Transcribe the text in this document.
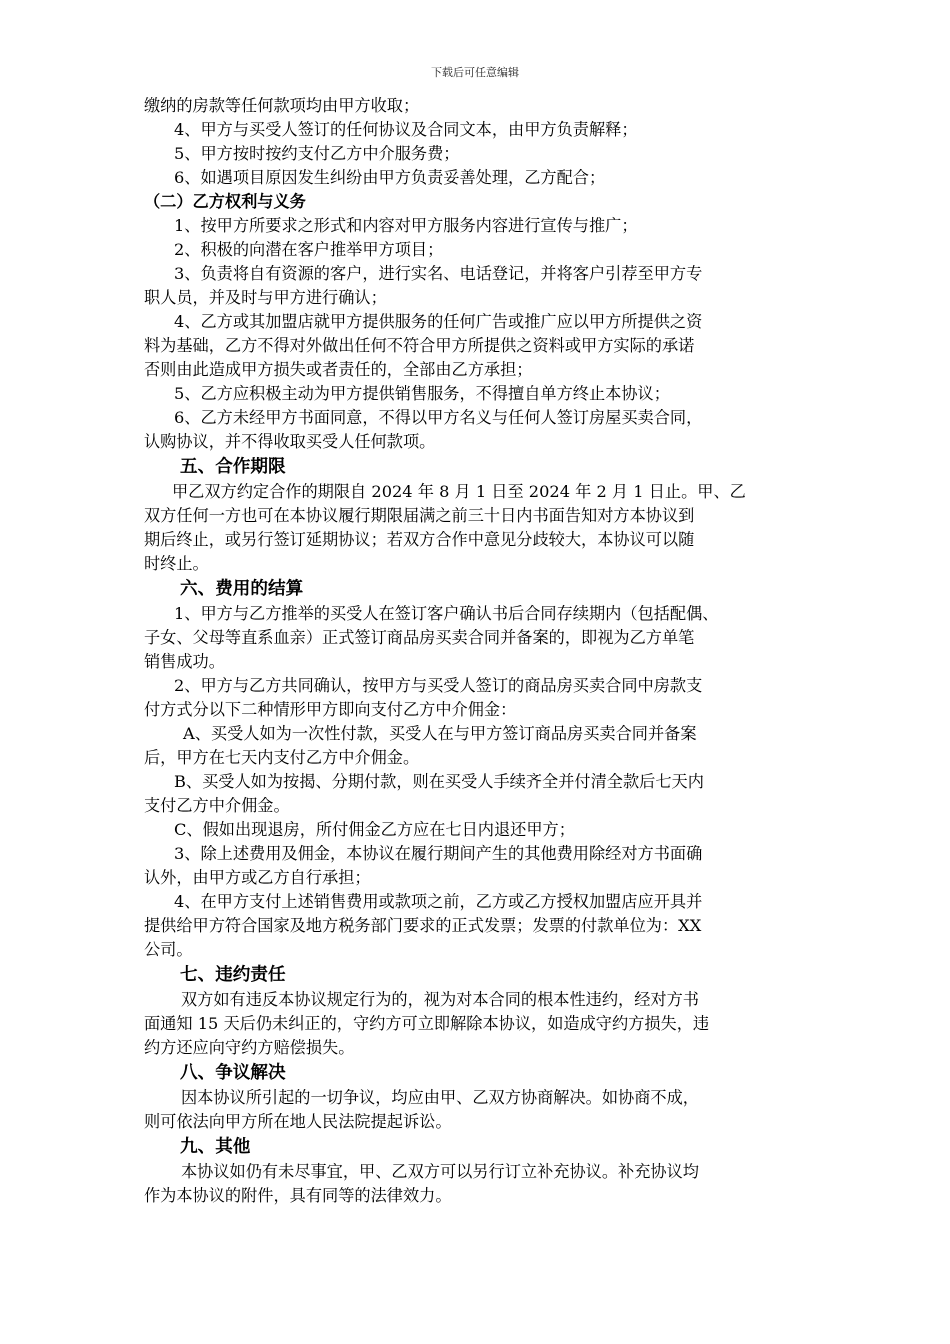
下载后可任意编辑
缴纳的房款等任何款项均由甲方收取；
4、甲方与买受人签订的任何协议及合同文本，由甲方负责解释；
5、甲方按时按约支付乙方中介服务费；
6、如遇项目原因发生纠纷由甲方负责妥善处理，乙方配合；
（二）乙方权利与义务
1、按甲方所要求之形式和内容对甲方服务内容进行宣传与推广；
2、积极的向潜在客户推举甲方项目；
3、负责将自有资源的客户，进行实名、电话登记，并将客户引荐至甲方专
职人员，并及时与甲方进行确认；
4、乙方或其加盟店就甲方提供服务的任何广告或推广应以甲方所提供之资
料为基础，乙方不得对外做出任何不符合甲方所提供之资料或甲方实际的承诺
否则由此造成甲方损失或者责任的，全部由乙方承担；
5、乙方应积极主动为甲方提供销售服务，不得擅自单方终止本协议；
6、乙方未经甲方书面同意，不得以甲方名义与任何人签订房屋买卖合同，
认购协议，并不得收取买受人任何款项。
五、合作期限
甲乙双方约定合作的期限自 2024 年 8 月 1 日至 2024 年 2 月 1 日止。甲、乙
双方任何一方也可在本协议履行期限届满之前三十日内书面告知对方本协议到
期后终止，或另行签订延期协议；若双方合作中意见分歧较大，本协议可以随
时终止。
六、费用的结算
1、甲方与乙方推举的买受人在签订客户确认书后合同存续期内（包括配偶、
子女、父母等直系血亲）正式签订商品房买卖合同并备案的，即视为乙方单笔
销售成功。
2、甲方与乙方共同确认，按甲方与买受人签订的商品房买卖合同中房款支
付方式分以下二种情形甲方即向支付乙方中介佣金：
A、买受人如为一次性付款，买受人在与甲方签订商品房买卖合同并备案
后，甲方在七天内支付乙方中介佣金。
B、买受人如为按揭、分期付款，则在买受人手续齐全并付清全款后七天内
支付乙方中介佣金。
C、假如出现退房，所付佣金乙方应在七日内退还甲方；
3、除上述费用及佣金，本协议在履行期间产生的其他费用除经对方书面确
认外，由甲方或乙方自行承担；
4、在甲方支付上述销售费用或款项之前，乙方或乙方授权加盟店应开具并
提供给甲方符合国家及地方税务部门要求的正式发票；发票的付款单位为：XX
公司。
七、违约责任
双方如有违反本协议规定行为的，视为对本合同的根本性违约，经对方书
面通知 15 天后仍未纠正的，守约方可立即解除本协议，如造成守约方损失，违
约方还应向守约方赔偿损失。
八、争议解决
因本协议所引起的一切争议，均应由甲、乙双方协商解决。如协商不成，
则可依法向甲方所在地人民法院提起诉讼。
九、其他
本协议如仍有未尽事宜，甲、乙双方可以另行订立补充协议。补充协议均
作为本协议的附件，具有同等的法律效力。
